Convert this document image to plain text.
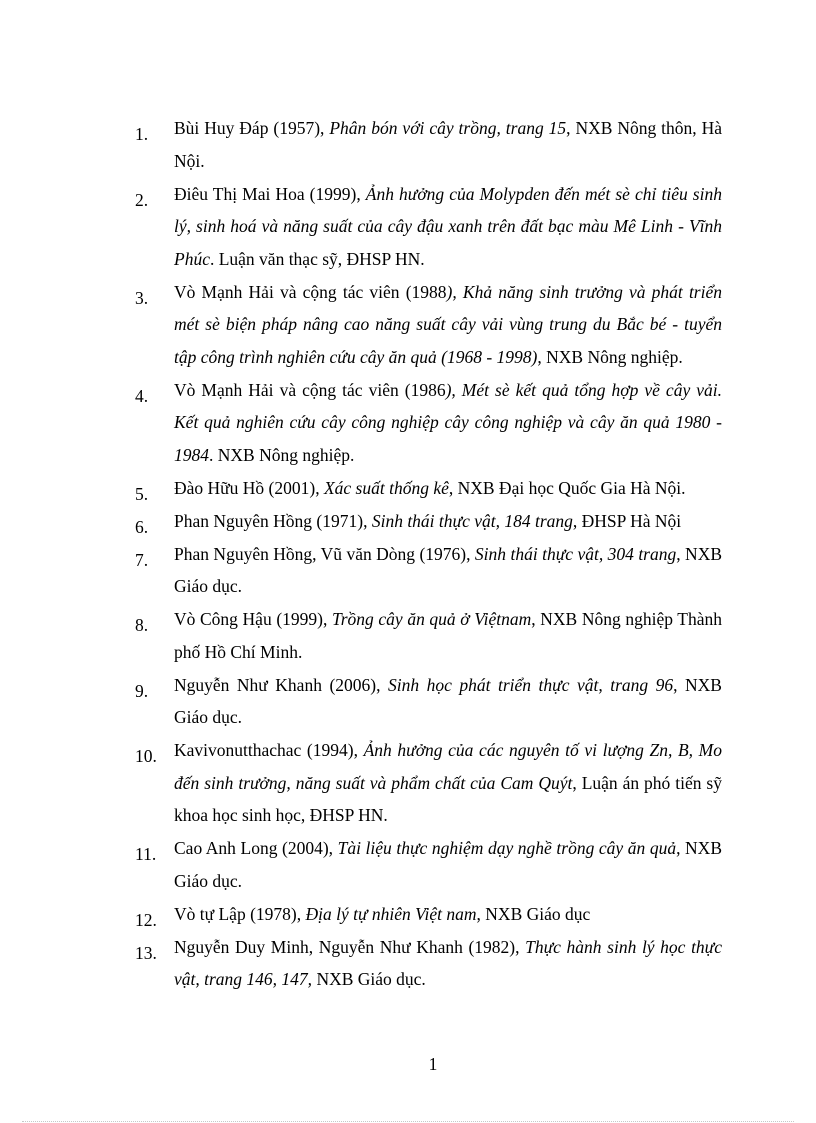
1. Bùi Huy Đáp (1957), Phân bón với cây trồng, trang 15, NXB Nông thôn, Hà Nội.
2. Điêu Thị Mai Hoa (1999), Ảnh hưởng của Molypden đến mét sè chỉ tiêu sinh lý, sinh hoá và năng suất của cây đậu xanh trên đất bạc màu Mê Linh - Vĩnh Phúc. Luận văn thạc sỹ, ĐHSP HN.
3. Vò Mạnh Hải và cộng tác viên (1988), Khả năng sinh trưởng và phát triển mét sè biện pháp nâng cao năng suất cây vải vùng trung du Bắc bé - tuyển tập công trình nghiên cứu cây ăn quả (1968 - 1998), NXB Nông nghiệp.
4. Vò Mạnh Hải và cộng tác viên (1986), Mét sè kết quả tổng hợp về cây vải. Kết quả nghiên cứu cây công nghiệp cây công nghiệp và cây ăn quả 1980 - 1984. NXB Nông nghiệp.
5. Đào Hữu Hồ (2001), Xác suất thống kê, NXB Đại học Quốc Gia Hà Nội.
6. Phan Nguyên Hồng (1971), Sinh thái thực vật, 184 trang, ĐHSP Hà Nội
7. Phan Nguyên Hồng, Vũ văn Dòng (1976), Sinh thái thực vật, 304 trang, NXB Giáo dục.
8. Vò Công Hậu (1999), Trồng cây ăn quả ở Việtnam, NXB Nông nghiệp Thành phố Hồ Chí Minh.
9. Nguyễn Như Khanh (2006), Sinh học phát triển thực vật, trang 96, NXB Giáo dục.
10. Kavivonutthachac (1994), Ảnh hưởng của các nguyên tố vi lượng Zn, B, Mo đến sinh trưởng, năng suất và phẩm chất của Cam Quýt, Luận án phó tiến sỹ khoa học sinh học, ĐHSP HN.
11. Cao Anh Long (2004), Tài liệu thực nghiệm dạy nghề trồng cây ăn quả, NXB Giáo dục.
12. Vò tự Lập (1978), Địa lý tự nhiên Việt nam, NXB Giáo dục
13. Nguyễn Duy Minh, Nguyễn Như Khanh (1982), Thực hành sinh lý học thực vật, trang 146, 147, NXB Giáo dục.
1
